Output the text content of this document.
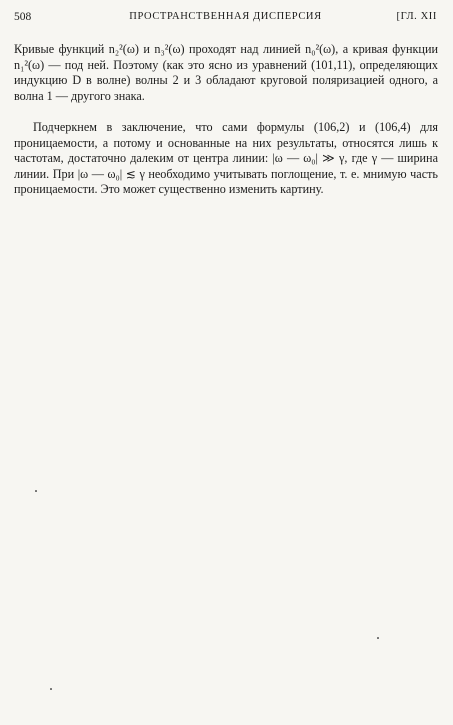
508	ПРОСТРАНСТВЕННАЯ ДИСПЕРСИЯ	[ГЛ. XII

Кривые функций n₂²(ω) и n₃²(ω) проходят над линией n₀²(ω), а кривая функции n₁²(ω) — под ней. Поэтому (как это ясно из уравнений (101,11), определяющих индукцию D в волне) волны 2 и 3 обладают круговой поляризацией одного, а волна 1 — другого знака.

Подчеркнем в заключение, что сами формулы (106,2) и (106,4) для проницаемости, а потому и основанные на них результаты, относятся лишь к частотам, достаточно далеким от центра линии: |ω — ω₀| ≫ γ, где γ — ширина линии. При |ω — ω₀| ≲ γ необходимо учитывать поглощение, т. е. мнимую часть проницаемости. Это может существенно изменить картину.
